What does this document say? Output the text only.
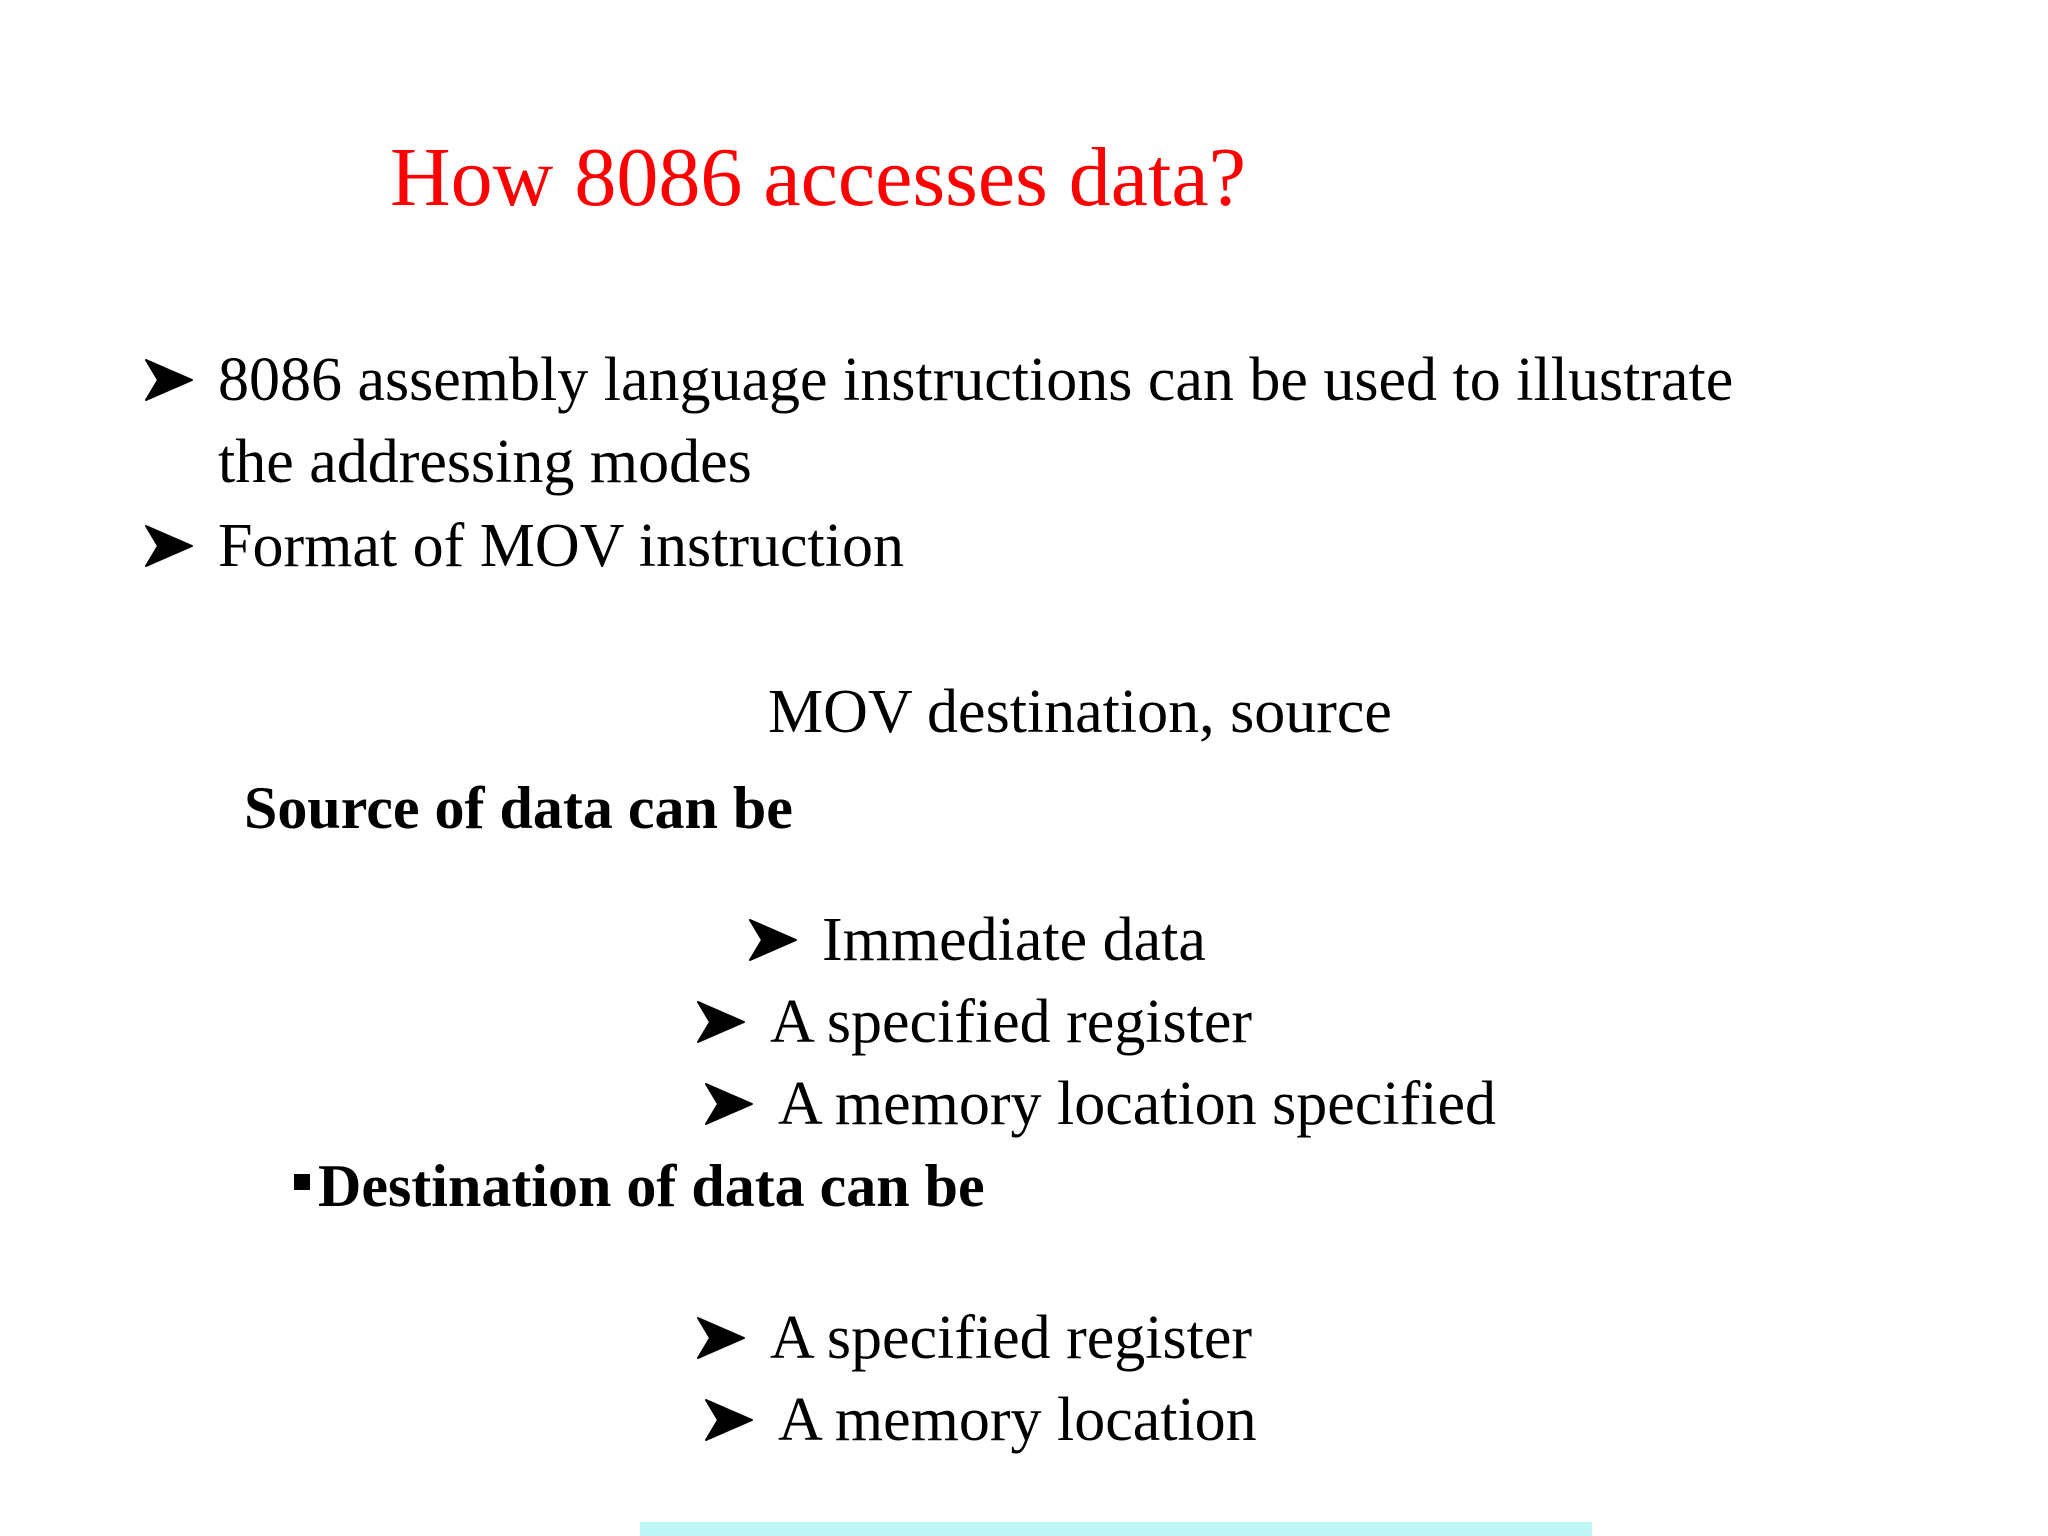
How 8086 accesses data?
8086 assembly language instructions can be used to illustrate
the addressing modes
Format of MOV instruction
MOV destination, source
Source of data can be
Immediate data
A specified register
A memory location specified
Destination of data can be
A specified register
A memory location
